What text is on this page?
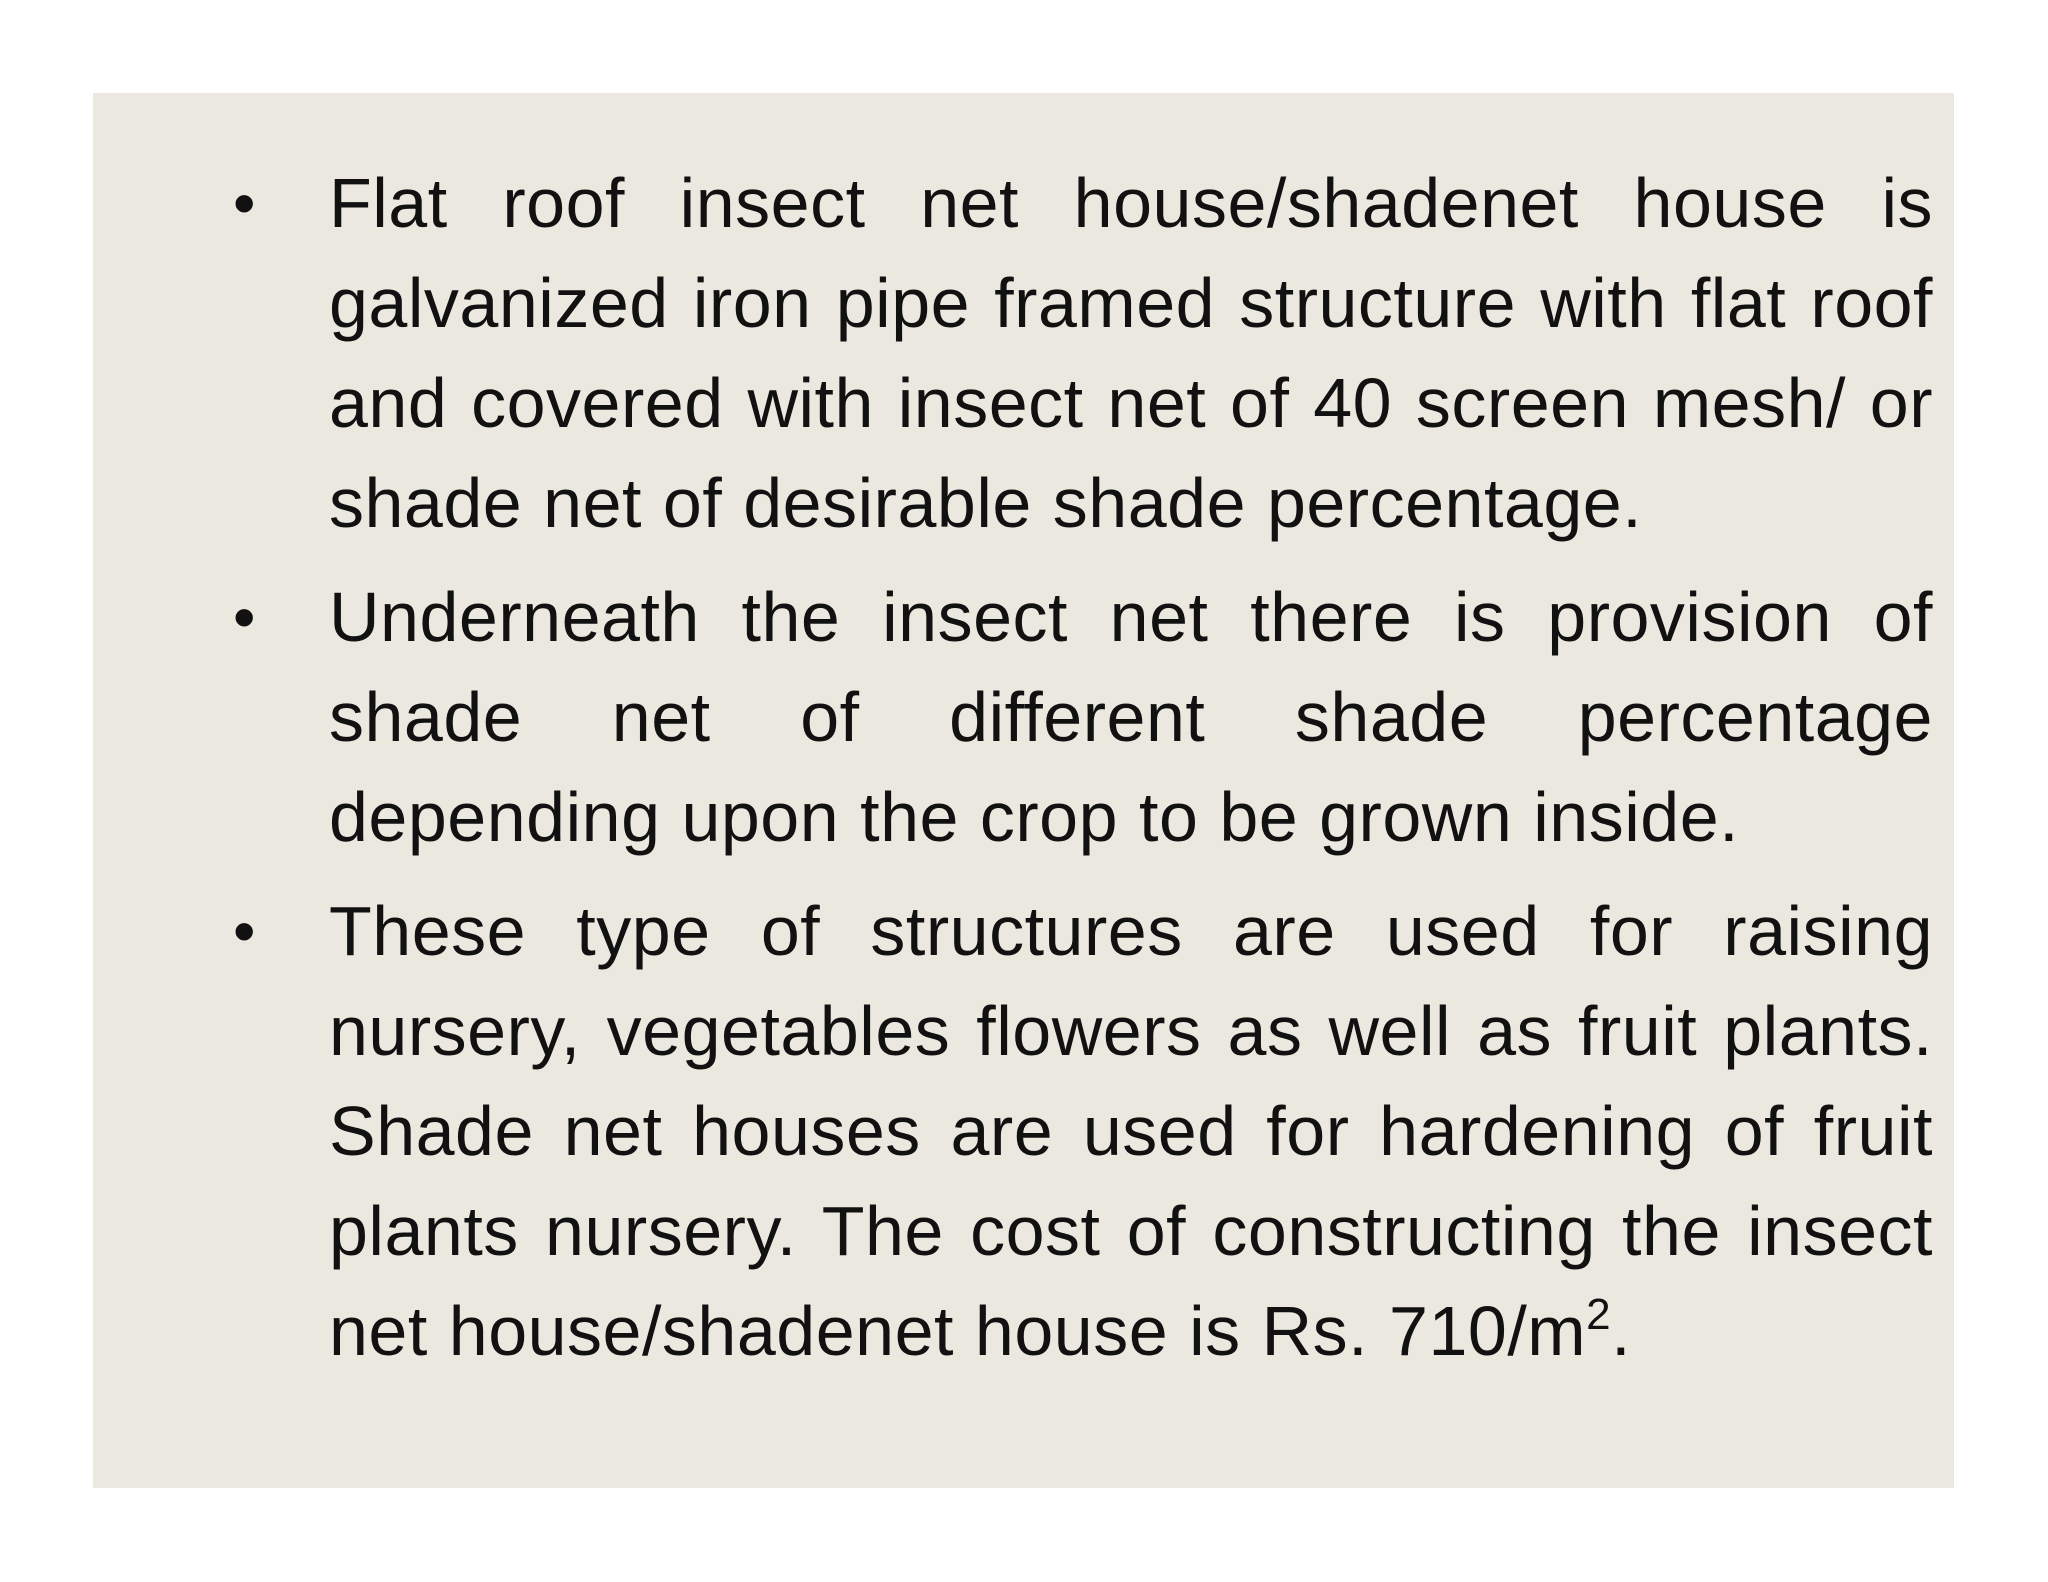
•	Flat roof insect net house/shadenet house is galvanized iron pipe framed structure with flat roof and covered with insect net of 40 screen mesh/ or shade net of desirable shade percentage.
•	Underneath the insect net there is provision of shade net of different shade percentage depending upon the crop to be grown inside.
•	These type of structures are used for raising nursery, vegetables flowers as well as fruit plants. Shade net houses are used for hardening of fruit plants nursery. The cost of constructing the insect net house/shadenet house is Rs. $710/m^2$.
